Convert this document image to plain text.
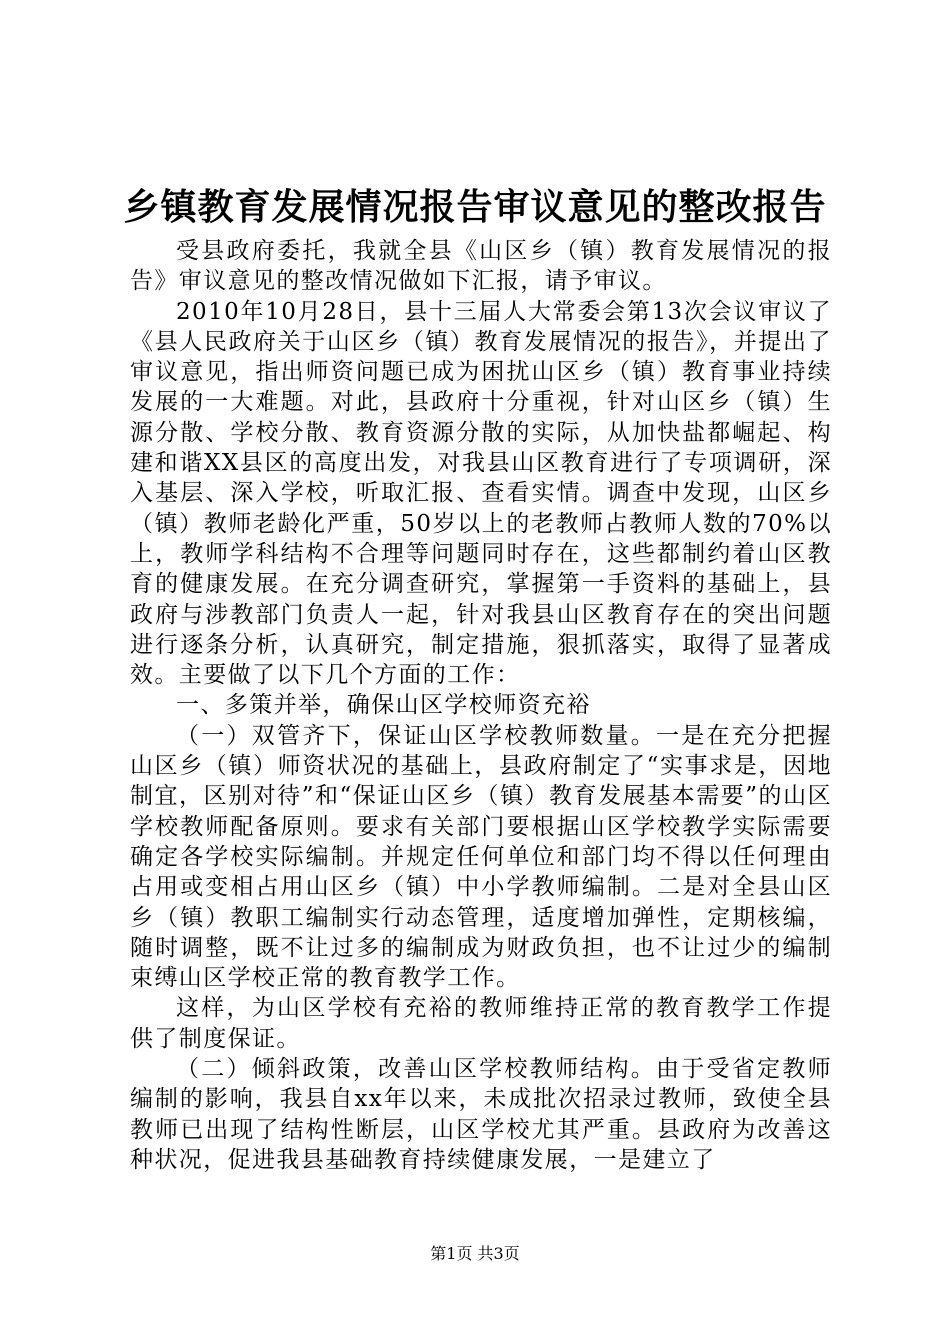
乡镇教育发展情况报告审议意见的整改报告

受县政府委托，我就全县《山区乡（镇）教育发展情况的报告》审议意见的整改情况做如下汇报，请予审议。

2010年10月28日，县十三届人大常委会第13次会议审议了《县人民政府关于山区乡（镇）教育发展情况的报告》，并提出了审议意见，指出师资问题已成为困扰山区乡（镇）教育事业持续发展的一大难题。对此，县政府十分重视，针对山区乡（镇）生源分散、学校分散、教育资源分散的实际，从加快盐都崛起、构建和谐XX县区的高度出发，对我县山区教育进行了专项调研，深入基层、深入学校，听取汇报、查看实情。调查中发现，山区乡（镇）教师老龄化严重，50岁以上的老教师占教师人数的70%以上，教师学科结构不合理等问题同时存在，这些都制约着山区教育的健康发展。在充分调查研究，掌握第一手资料的基础上，县政府与涉教部门负责人一起，针对我县山区教育存在的突出问题进行逐条分析，认真研究，制定措施，狠抓落实，取得了显著成效。主要做了以下几个方面的工作：

一、多策并举，确保山区学校师资充裕

（一）双管齐下，保证山区学校教师数量。一是在充分把握山区乡（镇）师资状况的基础上，县政府制定了“实事求是，因地制宜，区别对待”和“保证山区乡（镇）教育发展基本需要”的山区学校教师配备原则。要求有关部门要根据山区学校教学实际需要确定各学校实际编制。并规定任何单位和部门均不得以任何理由占用或变相占用山区乡（镇）中小学教师编制。二是对全县山区乡（镇）教职工编制实行动态管理，适度增加弹性，定期核编，随时调整，既不让过多的编制成为财政负担，也不让过少的编制束缚山区学校正常的教育教学工作。

这样，为山区学校有充裕的教师维持正常的教育教学工作提供了制度保证。

（二）倾斜政策，改善山区学校教师结构。由于受省定教师编制的影响，我县自xx年以来，未成批次招录过教师，致使全县教师已出现了结构性断层，山区学校尤其严重。县政府为改善这种状况，促进我县基础教育持续健康发展，一是建立了

第1页 共3页
